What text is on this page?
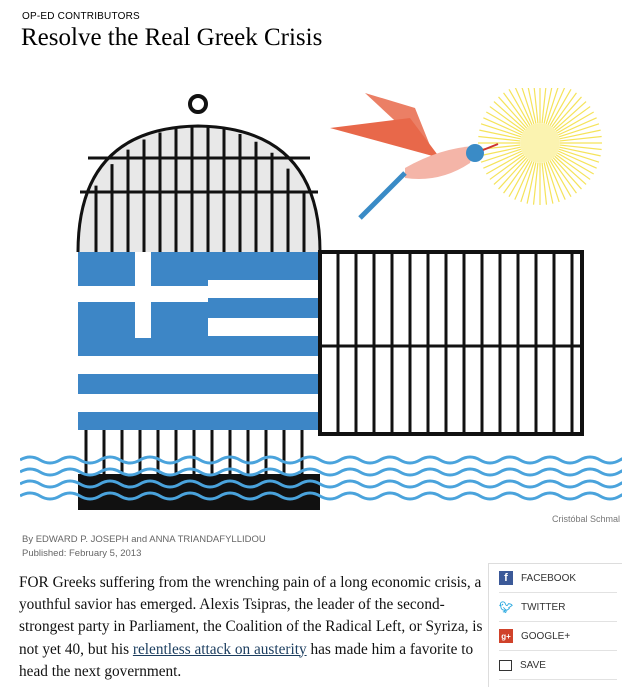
OP-ED CONTRIBUTORS
Resolve the Real Greek Crisis
Cristóbal Schmal
By EDWARD P. JOSEPH and ANNA TRIANDAFYLLIDOU
Published: February 5, 2013
FOR Greeks suffering from the wrenching pain of a long economic crisis, a youthful savior has emerged. Alexis Tsipras, the leader of the second-strongest party in Parliament, the Coalition of the Radical Left, or Syriza, is not yet 40, but his relentless attack on austerity has made him a favorite to head the next government.
f	FACEBOOK
🐦︎ TWITTER
g+ GOOGLE+
SAVE
